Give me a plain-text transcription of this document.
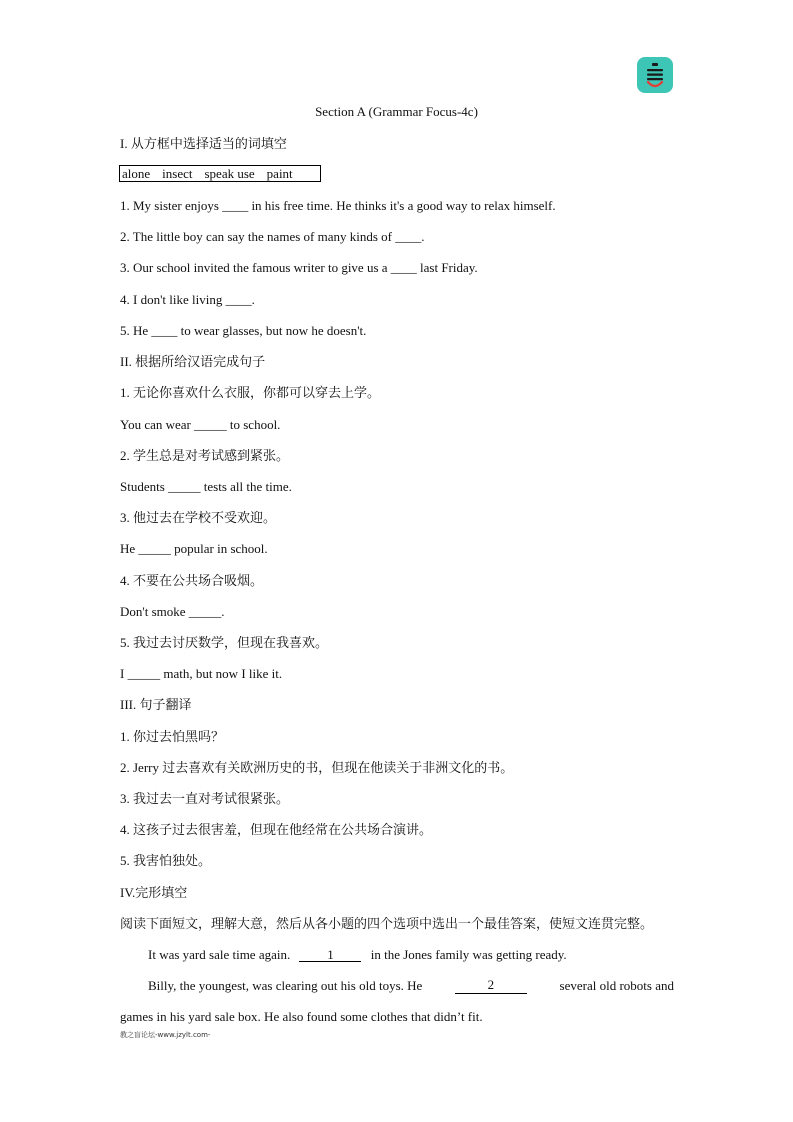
Section A (Grammar Focus-4c)
I. 从方框中选择适当的词填空
alone insect speak use paint
1. My sister enjoys ____ in his free time. He thinks it's a good way to relax himself.
2. The little boy can say the names of many kinds of ____.
3. Our school invited the famous writer to give us a ____ last Friday.
4. I don't like living ____.
5. He ____ to wear glasses, but now he doesn't.
II. 根据所给汉语完成句子
1. 无论你喜欢什么衣服，你都可以穿去上学。
You can wear _____ to school.
2. 学生总是对考试感到紧张。
Students _____ tests all the time.
3. 他过去在学校不受欢迎。
He _____ popular in school.
4. 不要在公共场合吸烟。
Don't smoke _____.
5. 我过去讨厌数学，但现在我喜欢。
I _____ math, but now I like it.
III. 句子翻译
1. 你过去怕黑吗？
2. Jerry 过去喜欢有关欧洲历史的书，但现在他读关于非洲文化的书。
3. 我过去一直对考试很紧张。
4. 这孩子过去很害羞，但现在他经常在公共场合演讲。
5. 我害怕独处。
IV.完形填空
阅读下面短文，理解大意，然后从各小题的四个选项中选出一个最佳答案，使短文连贯完整。
It was yard sale time again.	1	in the Jones family was getting ready.
Billy, the youngest, was clearing out his old toys. He	2	several old robots and
games in his yard sale box. He also found some clothes that didn’t fit.
教之盲论坛-www.jzylt.com-
